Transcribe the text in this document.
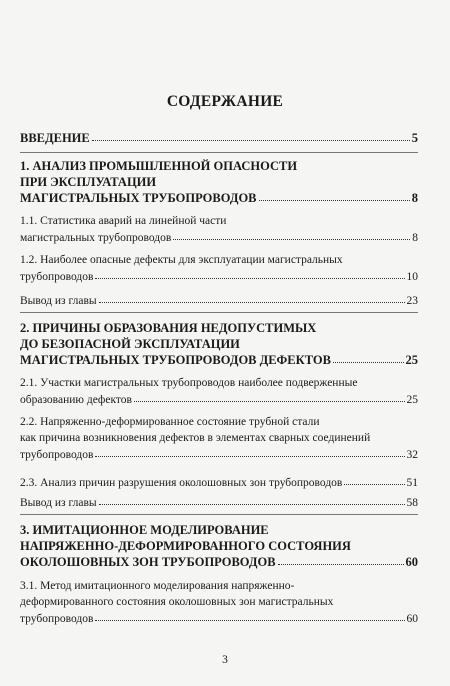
СОДЕРЖАНИЕ
ВВЕДЕНИЕ	5
1. АНАЛИЗ ПРОМЫШЛЕННОЙ ОПАСНОСТИ
ПРИ ЭКСПЛУАТАЦИИ
МАГИСТРАЛЬНЫХ ТРУБОПРОВОДОВ	8
1.1. Статистика аварий на линейной части
магистральных трубопроводов	8
1.2. Наиболее опасные дефекты для эксплуатации магистральных
трубопроводов	10
Вывод из главы	23
2. ПРИЧИНЫ ОБРАЗОВАНИЯ НЕДОПУСТИМЫХ
ДО БЕЗОПАСНОЙ ЭКСПЛУАТАЦИИ
МАГИСТРАЛЬНЫХ ТРУБОПРОВОДОВ ДЕФЕКТОВ	25
2.1. Участки магистральных трубопроводов наиболее подверженные
образованию дефектов	25
2.2. Напряженно-деформированное состояние трубной стали
как причина возникновения дефектов в элементах сварных соединений
трубопроводов	32
2.3. Анализ причин разрушения околошовных зон трубопроводов	51
Вывод из главы	58
3. ИМИТАЦИОННОЕ МОДЕЛИРОВАНИЕ
НАПРЯЖЕННО-ДЕФОРМИРОВАННОГО СОСТОЯНИЯ
ОКОЛОШОВНЫХ ЗОН ТРУБОПРОВОДОВ	60
3.1. Метод имитационного моделирования напряженно-
деформированного состояния околошовных зон магистральных
трубопроводов	60
3
